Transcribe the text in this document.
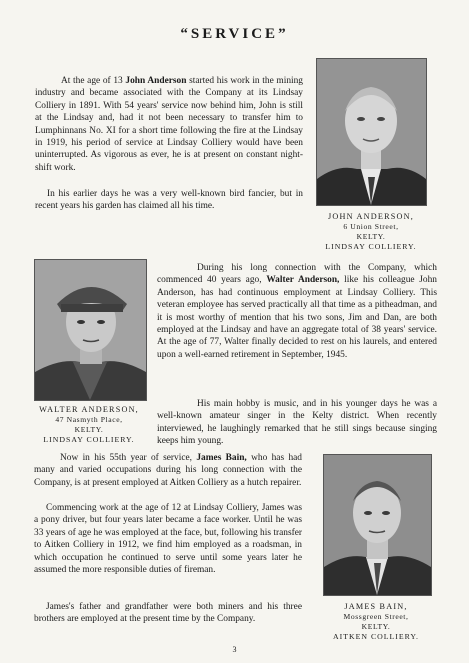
“SERVICE”

At the age of 13 John Anderson started his work in the mining industry and became associated with the Company at its Lindsay Colliery in 1891. With 54 years' service now behind him, John is still at the Lindsay and, had it not been necessary to transfer him to Lumphinnans No. XI for a short time following the fire at the Lindsay in 1919, his period of service at Lindsay Colliery would have been uninterrupted. As vigorous as ever, he is at present on constant night-shift work.

In his earlier days he was a very well-known bird fancier, but in recent years his garden has claimed all his time.

JOHN ANDERSON,
6 Union Street,
KELTY.
LINDSAY COLLIERY.
WALTER ANDERSON,
47 Nasmyth Place,
KELTY.
LINDSAY COLLIERY.

During his long connection with the Company, which commenced 40 years ago, Walter Anderson, like his colleague John Anderson, has had continuous employment at Lindsay Colliery. This veteran employee has served practically all that time as a pitheadman, and it is most worthy of mention that his two sons, Jim and Dan, are both employed at the Lindsay and have an aggregate total of 38 years' service. At the age of 77, Walter finally decided to rest on his laurels, and entered upon a well-earned retirement in September, 1945.

His main hobby is music, and in his younger days he was a well-known amateur singer in the Kelty district. When recently interviewed, he laughingly remarked that he still sings because singing keeps him young.

Now in his 55th year of service, James Bain, who has had many and varied occupations during his long connection with the Company, is at present employed at Aitken Colliery as a hutch repairer.

Commencing work at the age of 12 at Lindsay Colliery, James was a pony driver, but four years later became a face worker. Until he was 33 years of age he was employed at the face, but, following his transfer to Aitken Colliery in 1912, we find him employed as a roadsman, in which occupation he continued to serve until some years later he assumed the more responsible duties of fireman.

James's father and grandfather were both miners and his three brothers are employed at the present time by the Company.

JAMES BAIN,
Mossgreen Street,
KELTY.
AITKEN COLLIERY.
3
